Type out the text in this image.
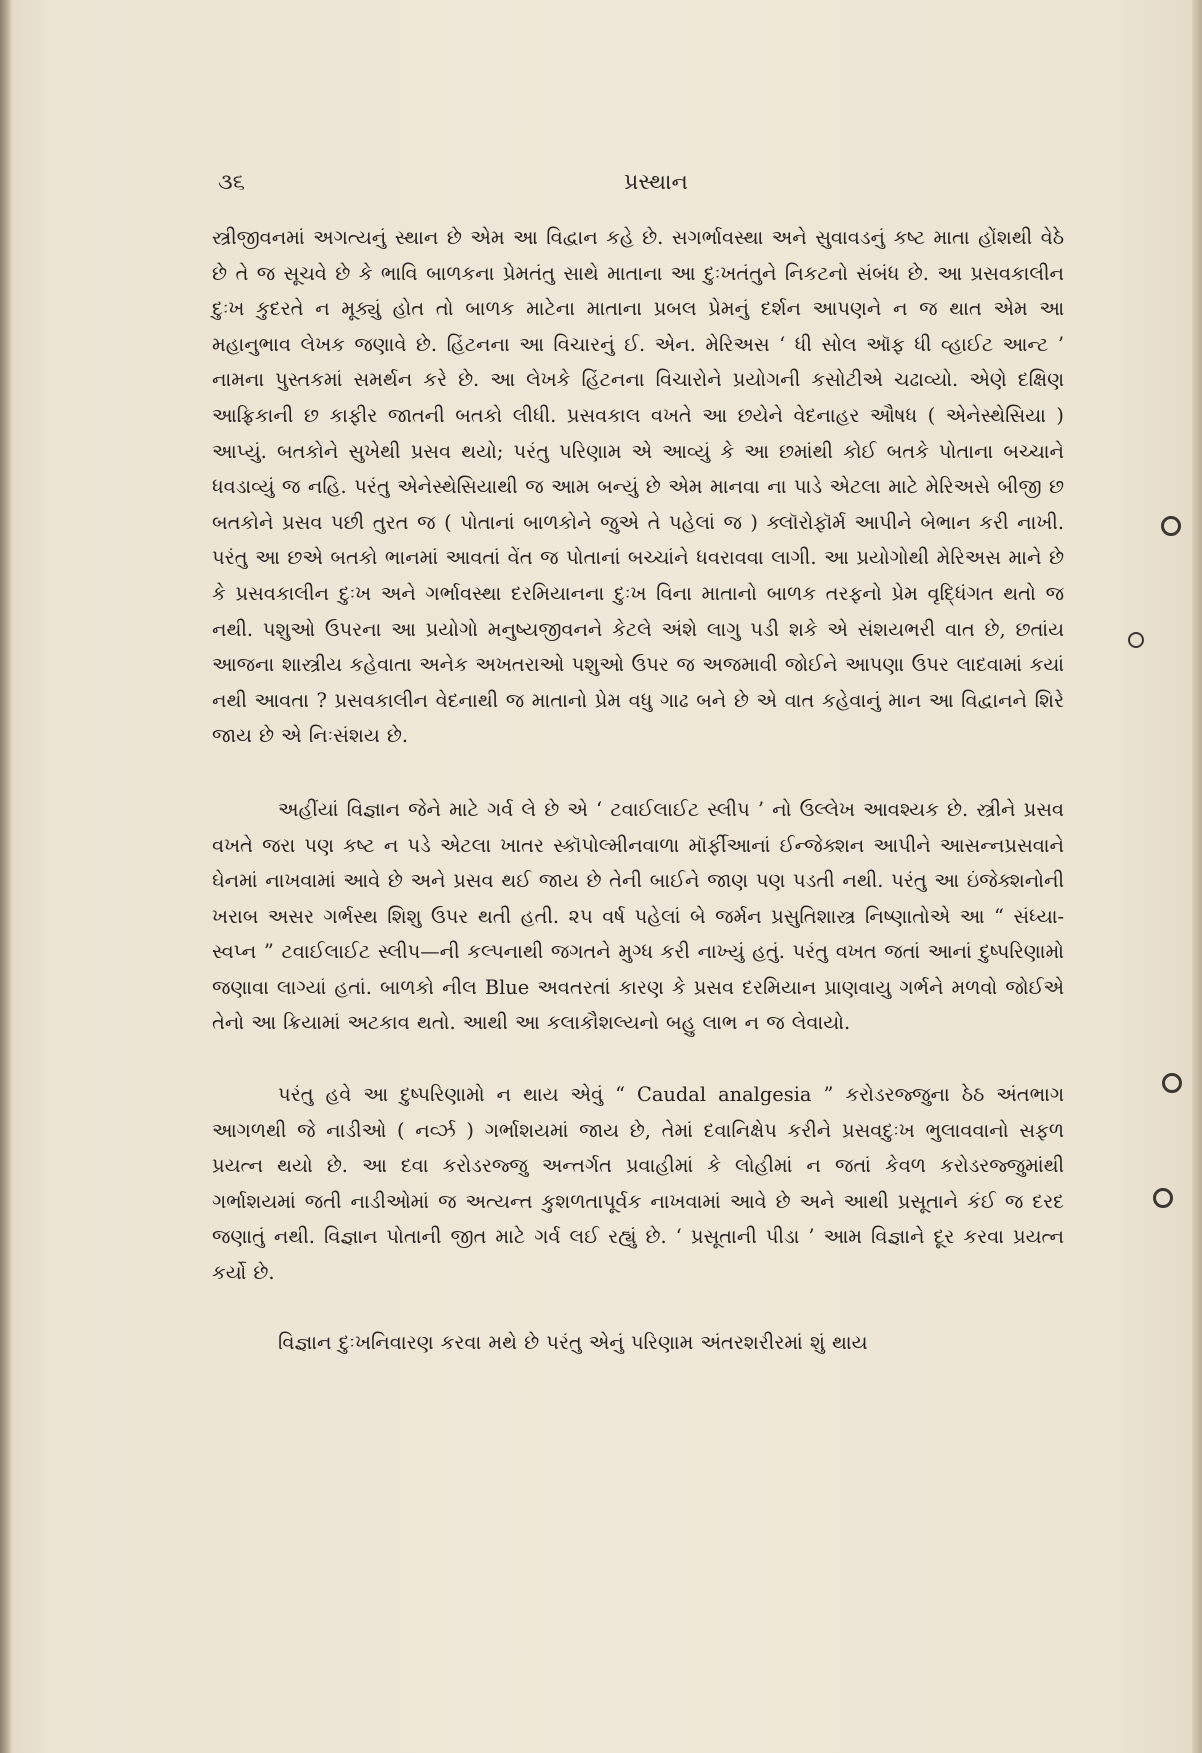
૩૬	પ્રસ્થાન

સ્ત્રીજીવનમાં અગત્યનું સ્થાન છે એમ આ વિદ્વાન કહે છે. સગર્ભાવસ્થા અને સુવાવડનું કષ્ટ માતા હોંશથી વેઠે છે તે જ સૂચવે છે કે ભાવિ બાળકના પ્રેમતંતુ સાથે માતાના આ દુઃખતંતુને નિકટનો સંબંધ છે. આ પ્રસવકાલીન દુઃખ કુદરતે ન મૂક્યું હોત તો બાળક માટેના માતાના પ્રબલ પ્રેમનું દર્શન આપણને ન જ થાત એમ આ મહાનુભાવ લેખક જણાવે છે. હિંટનના આ વિચારનું ઈ. એન. મેરિઅસ ‘ ધી સોલ ઑફ ધી વ્હાઈટ આન્ટ ’ નામના પુસ્તકમાં સમર્થન કરે છે. આ લેખકે હિંટનના વિચારોને પ્રયોગની કસોટીએ ચઢાવ્યો. એણે દક્ષિણ આફ્રિકાની છ કાફીર જાતની બતકો લીધી. પ્રસવકાલ વખતે આ છયેને વેદનાહર ઔષધ ( એનેસ્થેસિયા ) આપ્યું. બતકોને સુખેથી પ્રસવ થયો; પરંતુ પરિણામ એ આવ્યું કે આ છમાંથી કોઈ બતકે પોતાના બચ્ચાને ધવડાવ્યું જ નહિ. પરંતુ એનેસ્થેસિયાથી જ આમ બન્યું છે એમ માનવા ના પાડે એટલા માટે મેરિઅસે બીજી છ બતકોને પ્રસવ પછી તુરત જ ( પોતાનાં બાળકોને જુએ તે પહેલાં જ ) ક્લૉરોફૉર્મ આપીને બેભાન કરી નાખી. પરંતુ આ છએ બતકો ભાનમાં આવતાં વેંત જ પોતાનાં બચ્ચાંને ધવરાવવા લાગી. આ પ્રયોગોથી મેરિઅસ માને છે કે પ્રસવકાલીન દુઃખ અને ગર્ભાવસ્થા દરમિયાનના દુઃખ વિના માતાનો બાળક તરફનો પ્રેમ વૃદ્ધિંગત થતો જ નથી. પશુઓ ઉપરના આ પ્રયોગો મનુષ્યજીવનને કેટલે અંશે લાગુ પડી શકે એ સંશયભરી વાત છે, છતાંય આજના શાસ્ત્રીય કહેવાતા અનેક અખતરાઓ પશુઓ ઉપર જ અજમાવી જોઈને આપણા ઉપર લાદવામાં કયાં નથી આવતા ? પ્રસવકાલીન વેદનાથી જ માતાનો પ્રેમ વધુ ગાઢ બને છે એ વાત કહેવાનું માન આ વિદ્વાનને શિરે જાય છે એ નિઃસંશય છે.

અહીંયાં વિજ્ઞાન જેને માટે ગર્વ લે છે એ ‘ ટવાઈલાઈટ સ્લીપ ’ નો ઉલ્લેખ આવશ્યક છે. સ્ત્રીને પ્રસવ વખતે જરા પણ કષ્ટ ન પડે એટલા ખાતર સ્કૉપોલ્મીનવાળા મૉર્ફીઆનાં ઈન્જેક્શન આપીને આસન્નપ્રસવાને ઘેનમાં નાખવામાં આવે છે અને પ્રસવ થઈ જાય છે તેની બાઈને જાણ પણ પડતી નથી. પરંતુ આ ઇંજેક્શનોની ખરાબ અસર ગર્ભસ્થ શિશુ ઉપર થતી હતી. ૨૫ વર્ષ પહેલાં બે જર્મન પ્રસુતિશાસ્ત્ર નિષ્ણાતોએ આ “ સંધ્યા-સ્વપ્ન ” ટવાઈલાઈટ સ્લીપ—ની કલ્પનાથી જગતને મુગ્ધ કરી નાખ્યું હતું. પરંતુ વખત જતાં આનાં દુષ્પરિણામો જણાવા લાગ્યાં હતાં. બાળકો નીલ Blue અવતરતાં કારણ કે પ્રસવ દરમિયાન પ્રાણવાયુ ગર્ભને મળવો જોઈએ તેનો આ ક્રિયામાં અટકાવ થતો. આથી આ કલાકૌશલ્યનો બહુ લાભ ન જ લેવાયો.

પરંતુ હવે આ દુષ્પરિણામો ન થાય એવું “ Caudal analgesia ” કરોડરજ્જુના ઠેઠ અંતભાગ આગળથી જે નાડીઓ ( નર્વ્ઝ ) ગર્ભાશયમાં જાય છે, તેમાં દવાનિક્ષેપ કરીને પ્રસવદુઃખ ભુલાવવાનો સફળ પ્રયત્ન થયો છે. આ દવા કરોડરજ્જુ અન્તર્ગત પ્રવાહીમાં કે લોહીમાં ન જતાં કેવળ કરોડરજ્જુમાંથી ગર્ભાશયમાં જતી નાડીઓમાં જ અત્યન્ત કુશળતાપૂર્વક નાખવામાં આવે છે અને આથી પ્રસૂતાને કંઈ જ દરદ જણાતું નથી. વિજ્ઞાન પોતાની જીત માટે ગર્વ લઈ રહ્યું છે. ‘ પ્રસૂતાની પીડા ’ આમ વિજ્ઞાને દૂર કરવા પ્રયત્ન કર્યો છે.

વિજ્ઞાન દુઃખનિવારણ કરવા મથે છે પરંતુ એનું પરિણામ અંતરશરીરમાં શું થાય
